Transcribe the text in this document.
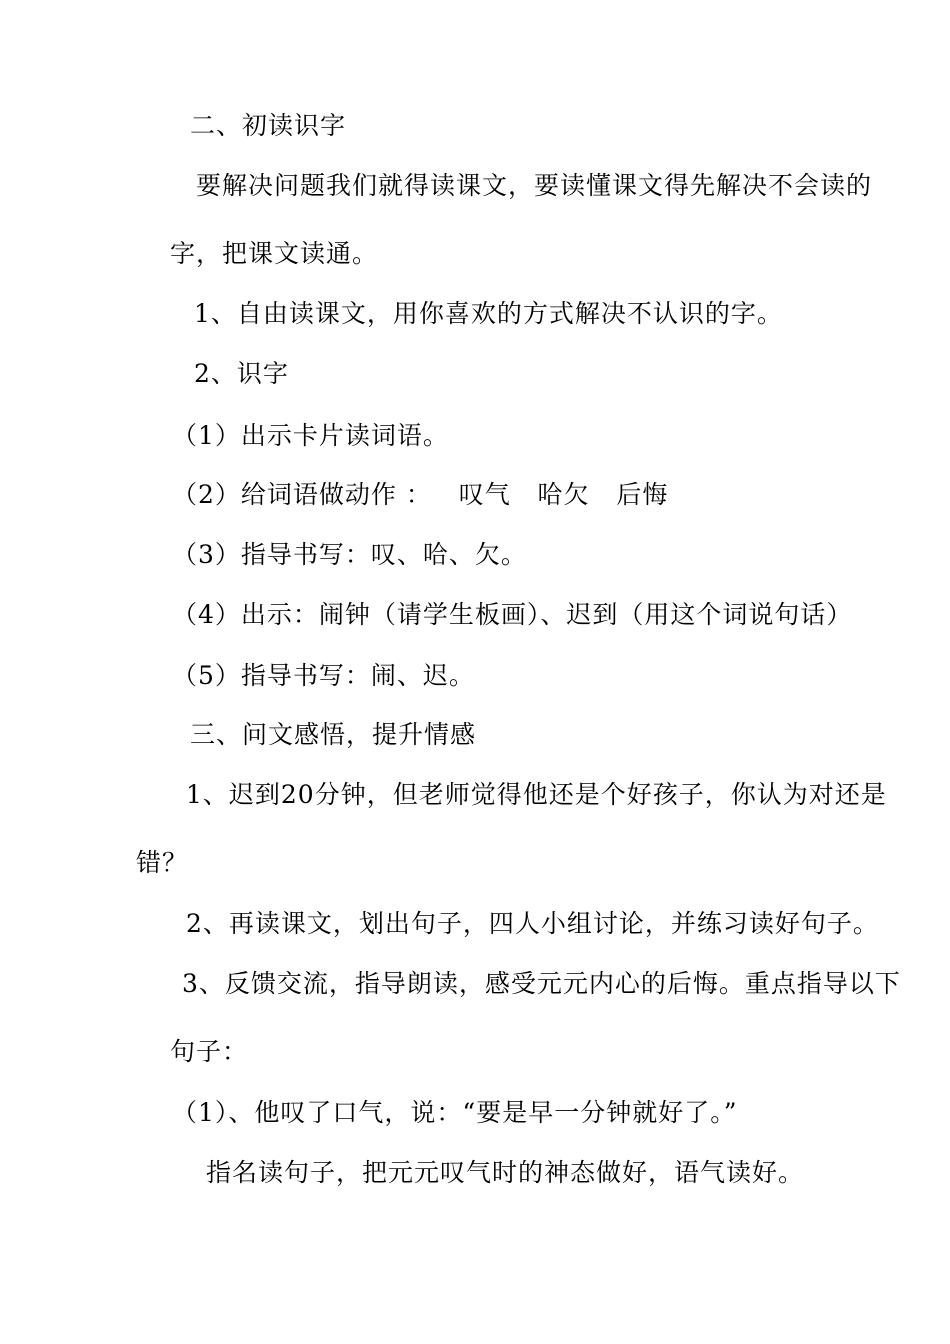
二、初读识字
要解决问题我们就得读课文，要读懂课文得先解决不会读的
字，把课文读通。
1、自由读课文，用你喜欢的方式解决不认识的字。
2、识字
（1）出示卡片读词语。
（2）给词语做动作 ：   叹气   哈欠   后悔
（3）指导书写：叹、哈、欠。
（4）出示：闹钟（请学生板画）、迟到（用这个词说句话）
（5）指导书写：闹、迟。
三、问文感悟，提升情感
1、迟到20分钟，但老师觉得他还是个好孩子，你认为对还是
错？
2、再读课文，划出句子，四人小组讨论，并练习读好句子。
3、反馈交流，指导朗读，感受元元内心的后悔。重点指导以下
句子：
（1）、他叹了口气，说：“要是早一分钟就好了。”
指名读句子，把元元叹气时的神态做好，语气读好。
